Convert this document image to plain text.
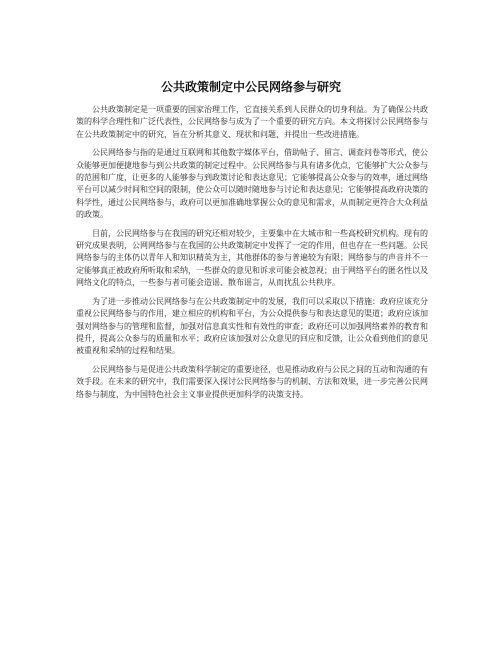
公共政策制定中公民网络参与研究

公共政策制定是一项重要的国家治理工作，它直接关系到人民群众的切身利益。为了确保公共政策的科学合理性和广泛代表性，公民网络参与成为了一个重要的研究方向。本文将探讨公民网络参与在公共政策制定中的研究，旨在分析其意义、现状和问题，并提出一些改进措施。

公民网络参与指的是通过互联网和其他数字媒体平台，借助帖子、留言、调查问卷等形式，使公众能够更加便捷地参与到公共政策的制定过程中。公民网络参与具有诸多优点，它能够扩大公众参与的范围和广度，让更多的人能够参与到政策讨论和表达意见；它能够提高公众参与的效率，通过网络平台可以减少时间和空间的限制，使公众可以随时随地参与讨论和表达意见；它能够提高政府决策的科学性，通过公民网络参与，政府可以更加准确地掌握公众的意见和需求，从而制定更符合大众利益的政策。

目前，公民网络参与在我国的研究还相对较少，主要集中在大城市和一些高校研究机构。现有的研究成果表明，公网网络参与在我国的公共政策制定中发挥了一定的作用，但也存在一些问题。公民网络参与的主体仍以青年人和知识精英为主，其他群体的参与普遍较为有限；网络参与的声音并不一定能够真正被政府所听取和采纳，一些群众的意见和诉求可能会被忽视；由于网络平台的匿名性以及网络文化的特点，一些参与者可能会造谣、散布谣言，从而扰乱公共秩序。

为了进一步推动公民网络参与在公共政策制定中的发展，我们可以采取以下措施：政府应该充分重视公民网络参与的作用，建立相应的机构和平台，为公众提供参与和表达意见的渠道；政府应该加强对网络参与的管理和监督，加强对信息真实性和有效性的审查；政府还可以加强网络素养的教育和提升，提高公众参与的质量和水平；政府应该加强对公众意见的回应和反馈，让公众看到他们的意见被重视和采纳的过程和结果。

公民网络参与是促进公共政策科学制定的重要途径，也是推动政府与公民之间的互动和沟通的有效手段。在未来的研究中，我们需要深入探讨公民网络参与的机制、方法和效果，进一步完善公民网络参与制度，为中国特色社会主义事业提供更加科学的决策支持。
